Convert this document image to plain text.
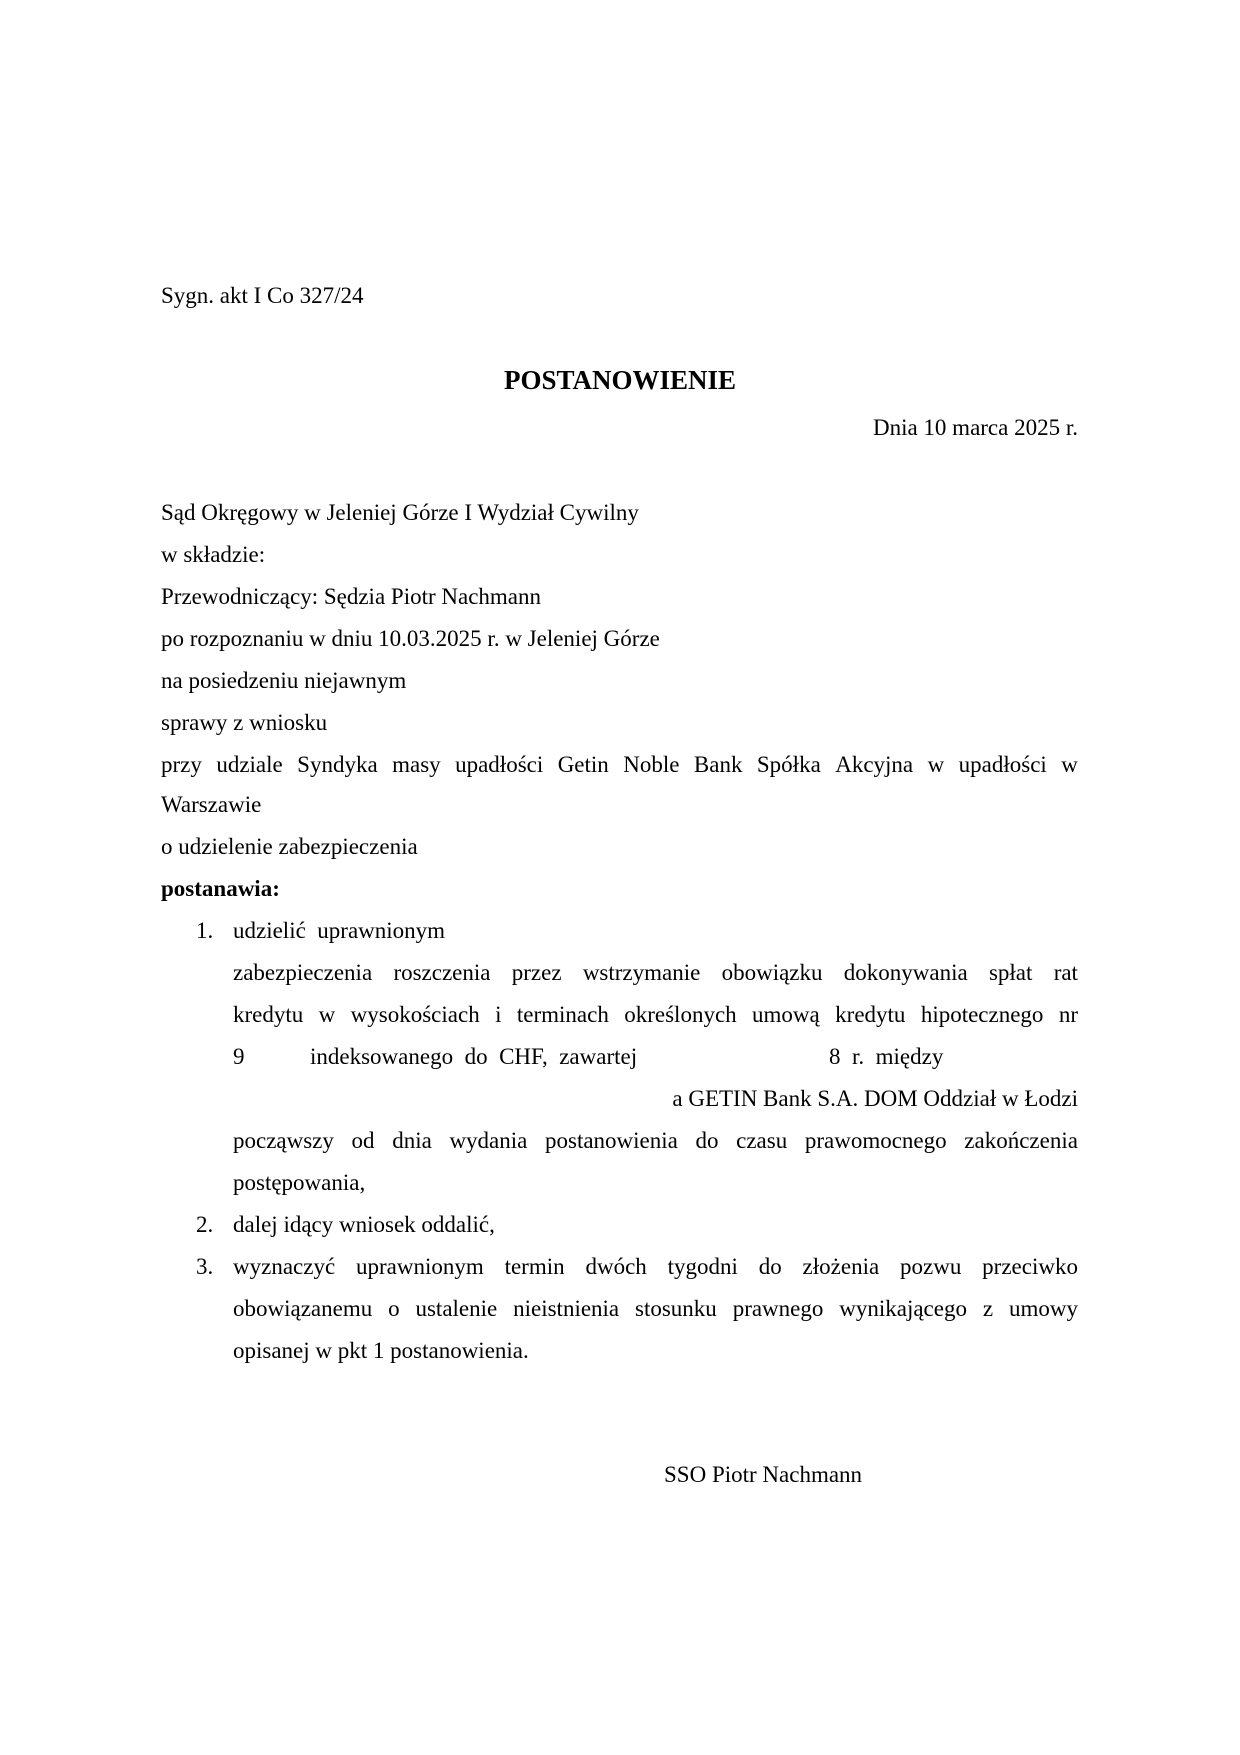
Sygn. akt I Co 327/24
POSTANOWIENIE
Dnia 10 marca 2025 r.
Sąd Okręgowy w Jeleniej Górze I Wydział Cywilny
w składzie:
Przewodniczący: Sędzia Piotr Nachmann
po rozpoznaniu w dniu 10.03.2025 r. w Jeleniej Górze
na posiedzeniu niejawnym
sprawy z wniosku
przy udziale Syndyka masy upadłości Getin Noble Bank Spółka Akcyjna w upadłości w
Warszawie
o udzielenie zabezpieczenia
postanawia:
1. udzielić  uprawnionym
zabezpieczenia roszczenia przez wstrzymanie obowiązku dokonywania spłat rat
kredytu w wysokościach i terminach określonych umową kredytu hipotecznego nr
9	indeksowanego  do  CHF,  zawartej	8  r.  między
a GETIN Bank S.A. DOM Oddział w Łodzi
począwszy od dnia wydania postanowienia do czasu prawomocnego zakończenia
postępowania,
2. dalej idący wniosek oddalić,
3. wyznaczyć uprawnionym termin dwóch tygodni do złożenia pozwu przeciwko
obowiązanemu o ustalenie nieistnienia stosunku prawnego wynikającego z umowy
opisanej w pkt 1 postanowienia.
SSO Piotr Nachmann
